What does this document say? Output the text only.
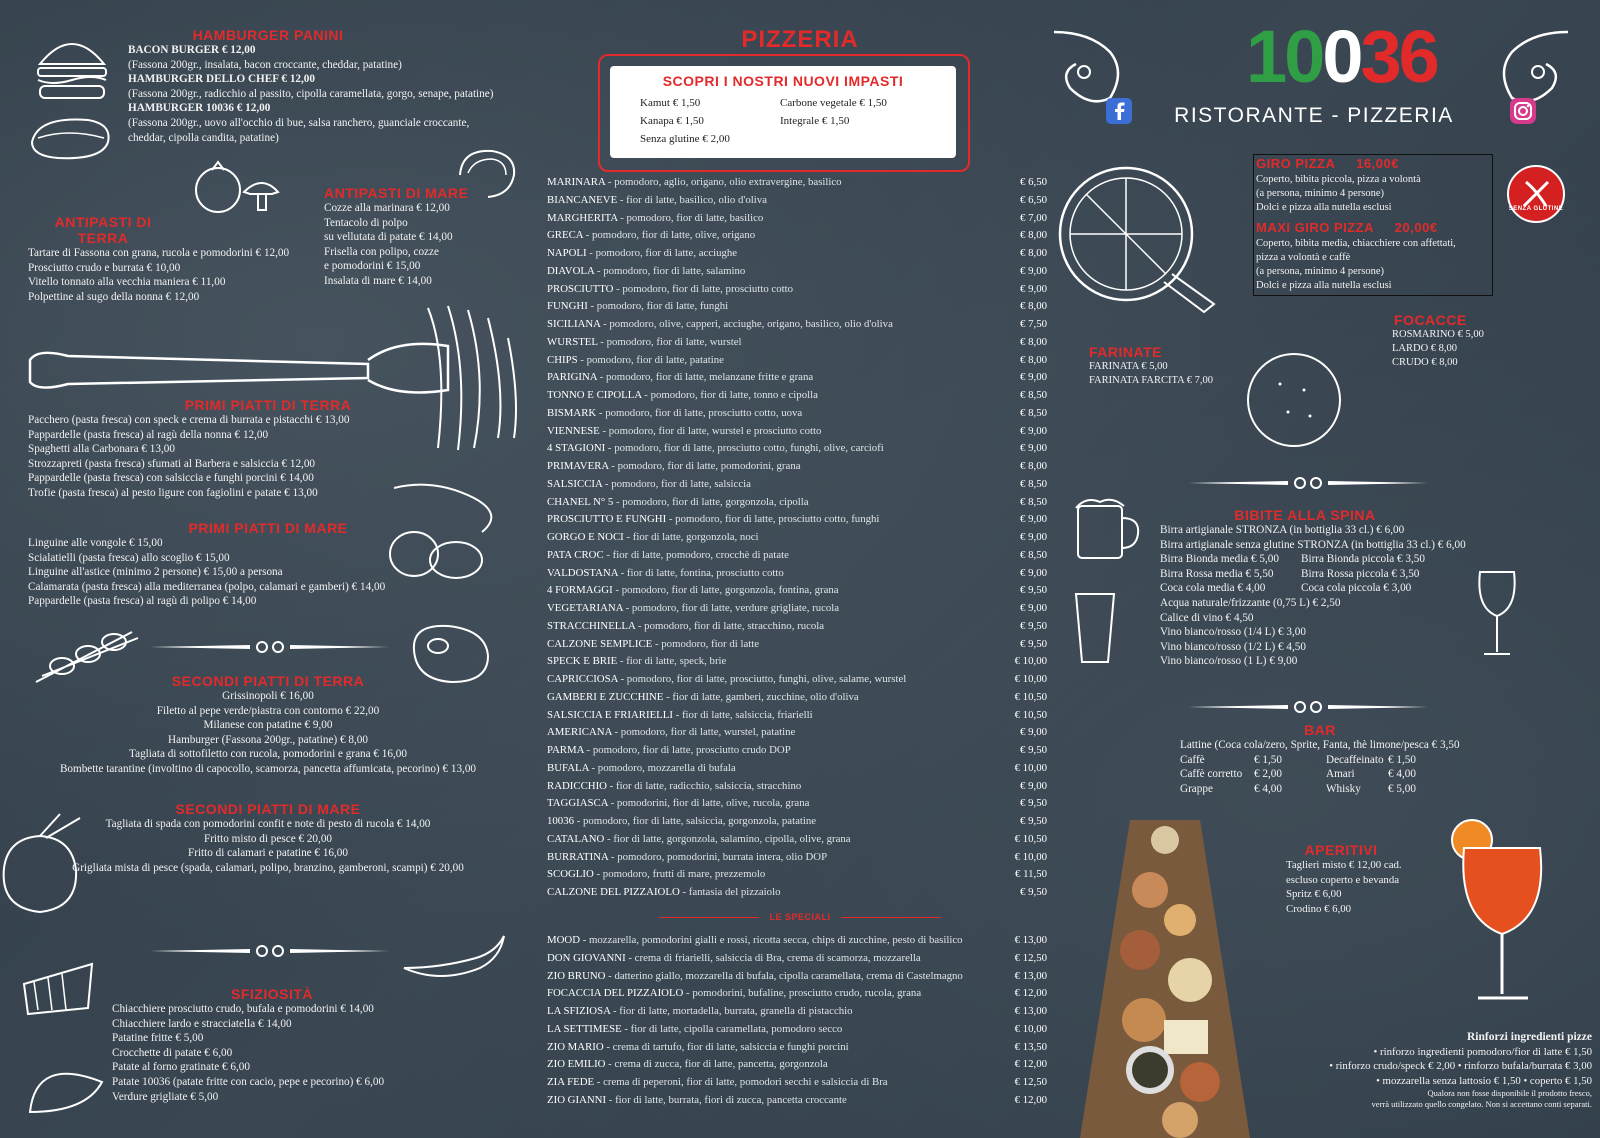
HAMBURGER PANINI
BACON BURGER € 12,00
(Fassona 200gr., insalata, bacon croccante, cheddar, patatine)
HAMBURGER DELLO CHEF € 12,00
(Fassona 200gr., radicchio al passito, cipolla caramellata, gorgo, senape, patatine)
HAMBURGER 10036 € 12,00
(Fassona 200gr., uovo all'occhio di bue, salsa ranchero, guanciale croccante,
cheddar, cipolla candita, patatine)
ANTIPASTI DI TERRA
Tartare di Fassona con grana, rucola e pomodorini € 12,00
Prosciutto crudo e burrata € 10,00
Vitello tonnato alla vecchia maniera € 11,00
Polpettine al sugo della nonna € 12,00
ANTIPASTI DI MARE
Cozze alla marinara € 12,00
Tentacolo di polpo
su vellutata di patate € 14,00
Frisella con polipo, cozze
e pomodorini € 15,00
Insalata di mare € 14,00
PRIMI PIATTI DI TERRA
Pacchero (pasta fresca) con speck e crema di burrata e pistacchi € 13,00
Pappardelle (pasta fresca) al ragù della nonna € 12,00
Spaghetti alla Carbonara € 13,00
Strozzapreti (pasta fresca) sfumati al Barbera e salsiccia € 12,00
Pappardelle (pasta fresca) con salsiccia e funghi porcini € 14,00
Trofie (pasta fresca) al pesto ligure con fagiolini e patate € 13,00
PRIMI PIATTI DI MARE
Linguine alle vongole € 15,00
Scialatielli (pasta fresca) allo scoglio € 15,00
Linguine all'astice (minimo 2 persone) € 15,00 a persona
Calamarata (pasta fresca) alla mediterranea (polpo, calamari e gamberi) € 14,00
Pappardelle (pasta fresca) al ragù di polipo € 14,00
SECONDI PIATTI DI TERRA
Grissinopoli € 16,00
Filetto al pepe verde/piastra con contorno € 22,00
Milanese con patatine € 9,00
Hamburger (Fassona 200gr., patatine) € 8,00
Tagliata di sottofiletto con rucola, pomodorini e grana € 16,00
Bombette tarantine (involtino di capocollo, scamorza, pancetta affumicata, pecorino) € 13,00
SECONDI PIATTI DI MARE
Tagliata di spada con pomodorini confit e note di pesto di rucola € 14,00
Fritto misto di pesce € 20,00
Fritto di calamari e patatine € 16,00
Grigliata mista di pesce (spada, calamari, polipo, branzino, gamberoni, scampi) € 20,00
SFIZIOSITÀ
Chiacchiere prosciutto crudo, bufala e pomodorini € 14,00
Chiacchiere lardo e stracciatella € 14,00
Patatine fritte € 5,00
Crocchette di patate € 6,00
Patate al forno gratinate € 6,00
Patate 10036 (patate fritte con cacio, pepe e pecorino) € 6,00
Verdure grigliate € 5,00
PIZZERIA
SCOPRI I NOSTRI NUOVI IMPASTI
Kamut € 1,50	Carbone vegetale € 1,50
Kanapa € 1,50	Integrale € 1,50
Senza glutine € 2,00
MARINARA - pomodoro, aglio, origano, olio extravergine, basilico	€ 6,50
BIANCANEVE - fior di latte, basilico, olio d'oliva	€ 6,50
MARGHERITA - pomodoro, fior di latte, basilico	€ 7,00
GRECA - pomodoro, fior di latte, olive, origano	€ 8,00
NAPOLI - pomodoro, fior di latte, acciughe	€ 8,00
DIAVOLA - pomodoro, fior di latte, salamino	€ 9,00
PROSCIUTTO - pomodoro, fior di latte, prosciutto cotto	€ 9,00
FUNGHI - pomodoro, fior di latte, funghi	€ 8,00
SICILIANA - pomodoro, olive, capperi, acciughe, origano, basilico, olio d'oliva	€ 7,50
WURSTEL - pomodoro, fior di latte, wurstel	€ 8,00
CHIPS - pomodoro, fior di latte, patatine	€ 8,00
PARIGINA - pomodoro, fior di latte, melanzane fritte e grana	€ 9,00
TONNO E CIPOLLA - pomodoro, fior di latte, tonno e cipolla	€ 8,50
BISMARK - pomodoro, fior di latte, prosciutto cotto, uova	€ 8,50
VIENNESE - pomodoro, fior di latte, wurstel e prosciutto cotto	€ 9,00
4 STAGIONI - pomodoro, fior di latte, prosciutto cotto, funghi, olive, carciofi	€ 9,00
PRIMAVERA - pomodoro, fior di latte, pomodorini, grana	€ 8,00
SALSICCIA - pomodoro, fior di latte, salsiccia	€ 8,50
CHANEL N° 5 - pomodoro, fior di latte, gorgonzola, cipolla	€ 8,50
PROSCIUTTO E FUNGHI - pomodoro, fior di latte, prosciutto cotto, funghi	€ 9,00
GORGO E NOCI - fior di latte, gorgonzola, noci	€ 9,00
PATA CROC - fior di latte, pomodoro, crocchè di patate	€ 8,50
VALDOSTANA - fior di latte, fontina, prosciutto cotto	€ 9,00
4 FORMAGGI - pomodoro, fior di latte, gorgonzola, fontina, grana	€ 9,50
VEGETARIANA - pomodoro, fior di latte, verdure grigliate, rucola	€ 9,00
STRACCHINELLA - pomodoro, fior di latte, stracchino, rucola	€ 9,50
CALZONE SEMPLICE - pomodoro, fior di latte	€ 9,50
SPECK E BRIE - fior di latte, speck, brie	€ 10,00
CAPRICCIOSA - pomodoro, fior di latte, prosciutto, funghi, olive, salame, wurstel	€ 10,00
GAMBERI E ZUCCHINE - fior di latte, gamberi, zucchine, olio d'oliva	€ 10,50
SALSICCIA E FRIARIELLI - fior di latte, salsiccia, friarielli	€ 10,50
AMERICANA - pomodoro, fior di latte, wurstel, patatine	€ 9,00
PARMA - pomodoro, fior di latte, prosciutto crudo DOP	€ 9,50
BUFALA - pomodoro, mozzarella di bufala	€ 10,00
RADICCHIO - fior di latte, radicchio, salsiccia, stracchino	€ 9,00
TAGGIASCA - pomodorini, fior di latte, olive, rucola, grana	€ 9,50
10036 - pomodoro, fior di latte, salsiccia, gorgonzola, patatine	€ 9,50
CATALANO - fior di latte, gorgonzola, salamino, cipolla, olive, grana	€ 10,50
BURRATINA - pomodoro, pomodorini, burrata intera, olio DOP	€ 10,00
SCOGLIO - pomodoro, frutti di mare, prezzemolo	€ 11,50
CALZONE DEL PIZZAIOLO - fantasia del pizzaiolo	€ 9,50
LE SPECIALI
MOOD - mozzarella, pomodorini gialli e rossi, ricotta secca, chips di zucchine, pesto di basilico	€ 13,00
DON GIOVANNI - crema di friarielli, salsiccia di Bra, crema di scamorza, mozzarella	€ 12,50
ZIO BRUNO - datterino giallo, mozzarella di bufala, cipolla caramellata, crema di Castelmagno	€ 13,00
FOCACCIA DEL PIZZAIOLO - pomodorini, bufaline, prosciutto crudo, rucola, grana	€ 12,00
LA SFIZIOSA - fior di latte, mortadella, burrata, granella di pistacchio	€ 13,00
LA SETTIMESE - fior di latte, cipolla caramellata, pomodoro secco	€ 10,00
ZIO MARIO - crema di tartufo, fior di latte, salsiccia e funghi porcini	€ 13,50
ZIO EMILIO - crema di zucca, fior di latte, pancetta, gorgonzola	€ 12,00
ZIA FEDE - crema di peperoni, fior di latte, pomodori secchi e salsiccia di Bra	€ 12,50
ZIO GIANNI - fior di latte, burrata, fiori di zucca, pancetta croccante	€ 12,00
10036
RISTORANTE - PIZZERIA
GIRO PIZZA 16,00€
Coperto, bibita piccola, pizza a volontà
(a persona, minimo 4 persone)
Dolci e pizza alla nutella esclusi
MAXI GIRO PIZZA 20,00€
Coperto, bibita media, chiacchiere con affettati,
pizza a volontà e caffè
(a persona, minimo 4 persone)
Dolci e pizza alla nutella esclusi
SENZA GLUTINE
FOCACCE
ROSMARINO € 5,00
LARDO € 8,00
CRUDO € 8,00
FARINATE
FARINATA € 5,00
FARINATA FARCITA € 7,00
BIBITE ALLA SPINA
Birra artigianale STRONZA (in bottiglia 33 cl.) € 6,00
Birra artigianale senza glutine STRONZA (in bottiglia 33 cl.) € 6,00
Birra Bionda media € 5,00	Birra Bionda piccola € 3,50
Birra Rossa media € 5,50	Birra Rossa piccola € 3,50
Coca cola media € 4,00	Coca cola piccola € 3,00
Acqua naturale/frizzante (0,75 L) € 2,50
Calice di vino € 4,50
Vino bianco/rosso (1/4 L) € 3,00
Vino bianco/rosso (1/2 L) € 4,50
Vino bianco/rosso (1 L) € 9,00
BAR
Lattine (Coca cola/zero, Sprite, Fanta, thè limone/pesca € 3,50
Caffè	€ 1,50	Decaffeinato € 1,50
Caffè corretto	€ 2,00	Amari	€ 4,00
Grappe	€ 4,00	Whisky	€ 5,00
APERITIVI
Taglieri misto € 12,00 cad.
escluso coperto e bevanda
Spritz € 6,00
Crodino € 6,00
Rinforzi ingredienti pizze
• rinforzo ingredienti pomodoro/fior di latte € 1,50
• rinforzo crudo/speck € 2,00 • rinforzo bufala/burrata € 3,00
• mozzarella senza lattosio € 1,50 • coperto € 1,50
Qualora non fosse disponibile il prodotto fresco,
verrà utilizzato quello congelato. Non si accettano conti separati.
